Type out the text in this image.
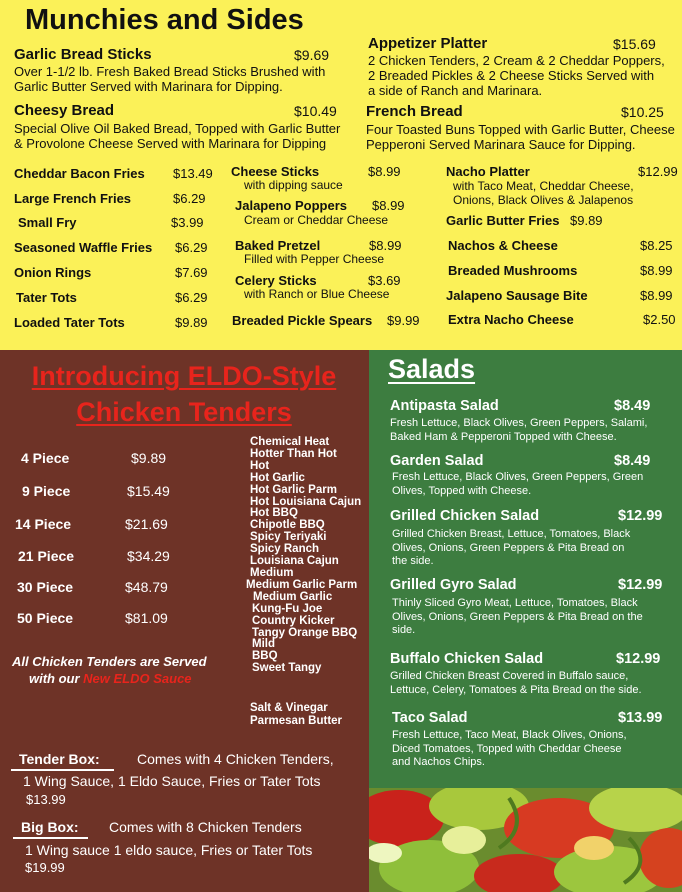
Munchies and Sides
Garlic Bread Sticks	$9.69
Over 1-1/2 lb. Fresh Baked Bread Sticks Brushed with
Garlic Butter Served with Marinara for Dipping.
Cheesy Bread	$10.49
Special Olive Oil Baked Bread, Topped with Garlic Butter
& Provolone Cheese Served with Marinara for Dipping
Appetizer Platter	$15.69
2 Chicken Tenders, 2 Cream & 2 Cheddar Poppers,
2 Breaded Pickles & 2 Cheese Sticks Served with
a side of Ranch and Marinara.
French Bread	$10.25
Four Toasted Buns Topped with Garlic Butter, Cheese
Pepperoni Served Marinara Sauce for Dipping.
Cheddar Bacon Fries $13.49
Large French Fries	$6.29
Small Fry	$3.99
Seasoned Waffle Fries $6.29
Onion Rings	$7.69
Tater Tots	$6.29
Loaded Tater Tots	$9.89
Cheese Sticks	$8.99
with dipping sauce
Jalapeno Poppers $8.99
Cream or Cheddar Cheese
Baked Pretzel	$8.99
Filled with Pepper Cheese
Celery Sticks	$3.69
with Ranch or Blue Cheese
Breaded Pickle Spears $9.99
Nacho Platter	$12.99
with Taco Meat, Cheddar Cheese,
Onions, Black Olives & Jalapenos
Garlic Butter Fries $9.89
Nachos & Cheese	$8.25
Breaded Mushrooms	$8.99
Jalapeno Sausage Bite	$8.99
Extra Nacho Cheese	$2.50
Introducing ELDO-Style
Chicken Tenders
4 Piece	$9.89
9 Piece	$15.49
14 Piece	$21.69
21 Piece	$34.29
30 Piece	$48.79
50 Piece	$81.09
Chemical Heat
Hotter Than Hot
Hot
Hot Garlic
Hot Garlic Parm
Hot Louisiana Cajun
Hot BBQ
Chipotle BBQ
Spicy Teriyaki
Spicy Ranch
Louisiana Cajun
Medium
Medium Garlic Parm
Medium Garlic
Kung-Fu Joe
Country Kicker
Tangy Orange BBQ
Mild
BBQ
Sweet Tangy
Salt & Vinegar
Parmesan Butter
All Chicken Tenders are Served
with our New ELDO Sauce
Tender Box:	Comes with 4 Chicken Tenders,
1 Wing Sauce, 1 Eldo Sauce, Fries or Tater Tots
$13.99
Big Box: Comes with 8 Chicken Tenders
1 Wing sauce 1 eldo sauce, Fries or Tater Tots
$19.99
Salads
Antipasta Salad	$8.49
Fresh Lettuce, Black Olives, Green Peppers, Salami,
Baked Ham & Pepperoni Topped with Cheese.
Garden Salad	$8.49
Fresh Lettuce, Black Olives, Green Peppers, Green
Olives, Topped with Cheese.
Grilled Chicken Salad	$12.99
Grilled Chicken Breast, Lettuce, Tomatoes, Black
Olives, Onions, Green Peppers & Pita Bread on
the side.
Grilled Gyro Salad	$12.99
Thinly Sliced Gyro Meat, Lettuce, Tomatoes, Black
Olives, Onions, Green Peppers & Pita Bread on the
side.
Buffalo Chicken Salad	$12.99
Grilled Chicken Breast Covered in Buffalo sauce,
Lettuce, Celery, Tomatoes & Pita Bread on the side.
Taco Salad	$13.99
Fresh Lettuce, Taco Meat, Black Olives, Onions,
Diced Tomatoes, Topped with Cheddar Cheese
and Nachos Chips.
